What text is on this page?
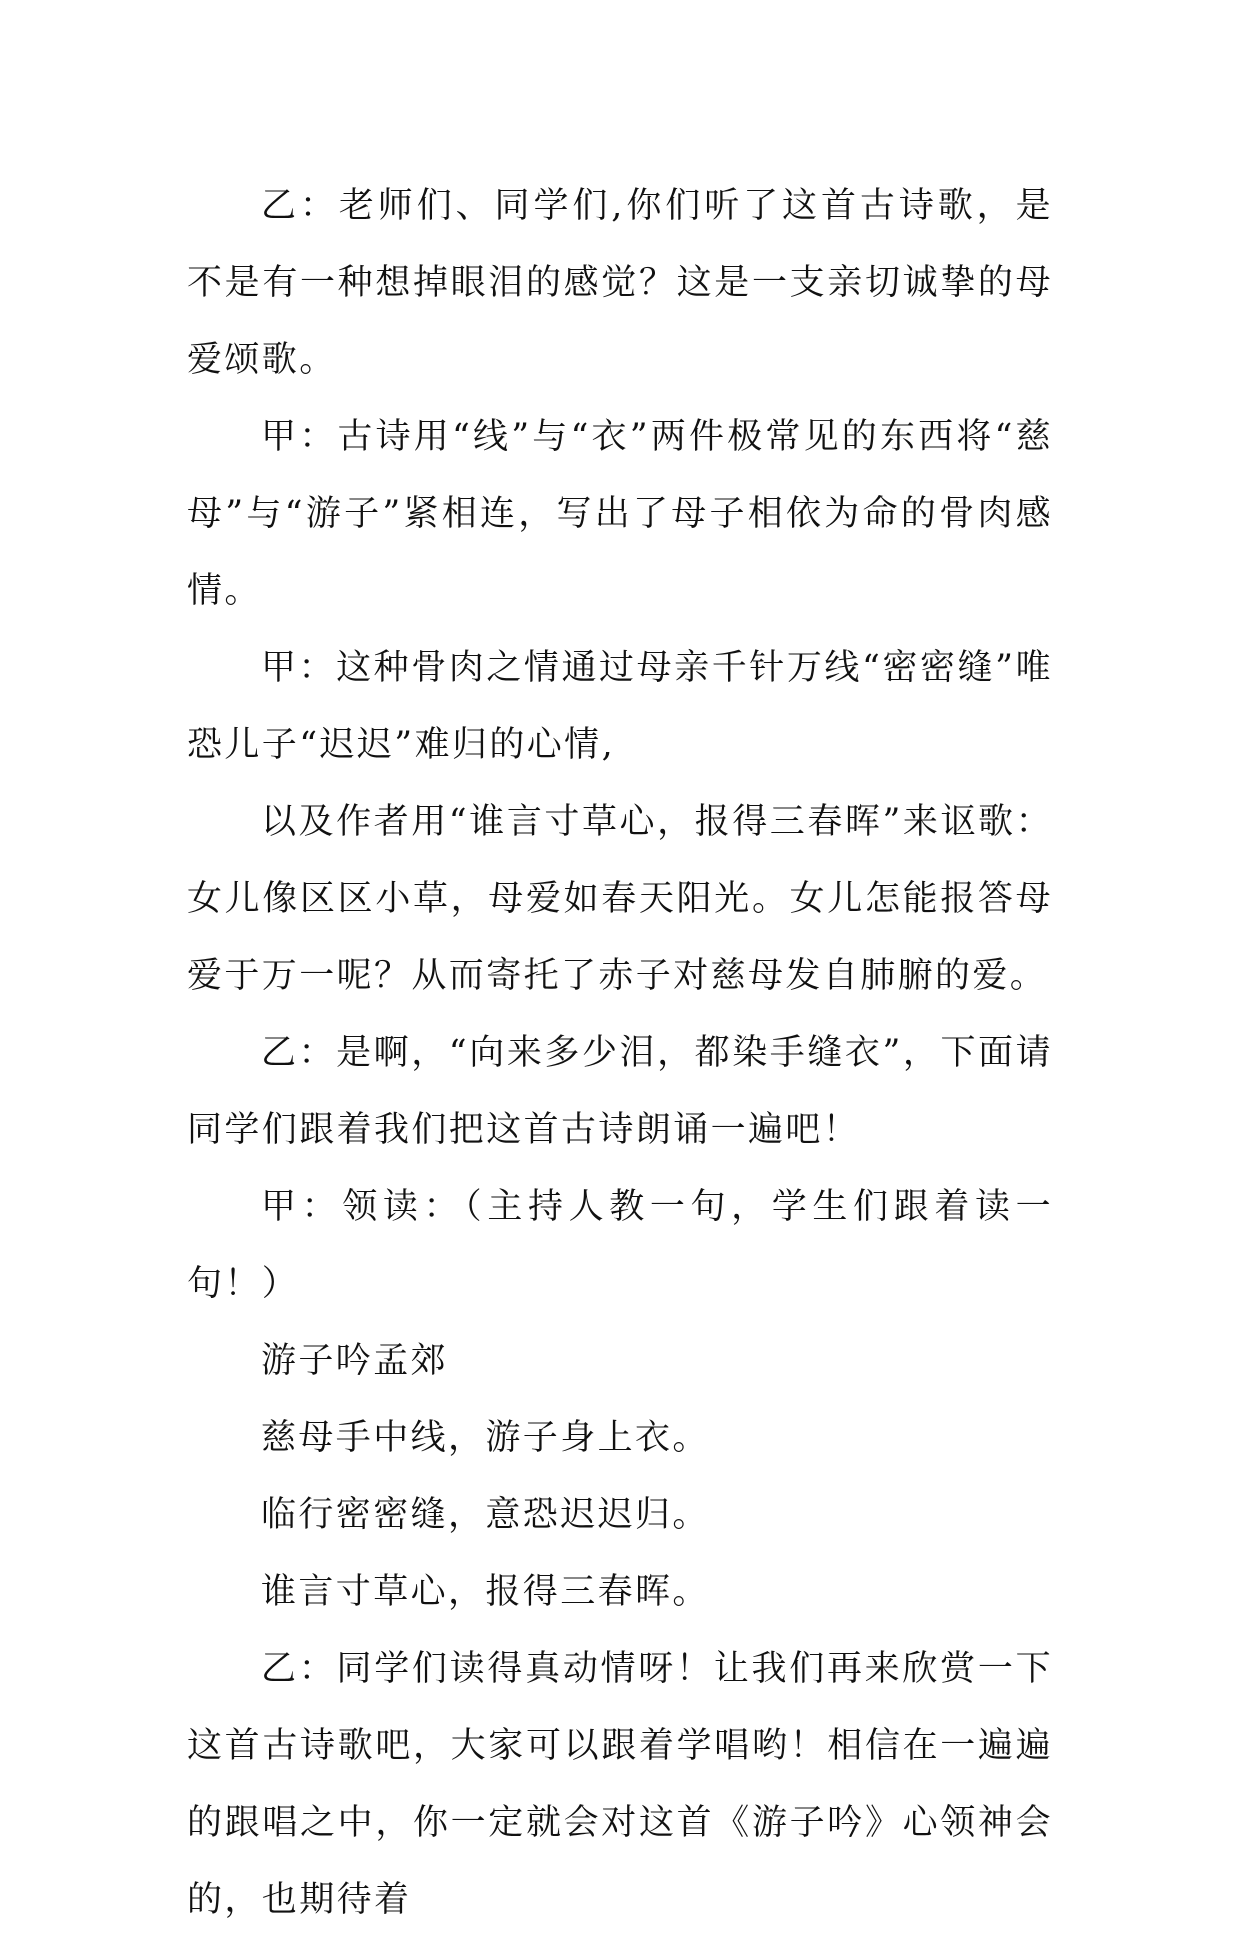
乙：老师们、同学们,你们听了这首古诗歌，是不是有一种想掉眼泪的感觉？这是一支亲切诚挚的母爱颂歌。

甲：古诗用“线”与“衣”两件极常见的东西将“慈母”与“游子”紧相连，写出了母子相依为命的骨肉感情。

甲：这种骨肉之情通过母亲千针万线“密密缝”唯恐儿子“迟迟”难归的心情,

以及作者用“谁言寸草心，报得三春晖”来讴歌：女儿像区区小草，母爱如春天阳光。女儿怎能报答母爱于万一呢？从而寄托了赤子对慈母发自肺腑的爱。

乙：是啊，“向来多少泪，都染手缝衣”，下面请同学们跟着我们把这首古诗朗诵一遍吧！

甲：领读：（主持人教一句，学生们跟着读一句！）

游子吟孟郊

慈母手中线，游子身上衣。

临行密密缝，意恐迟迟归。

谁言寸草心，报得三春晖。

乙：同学们读得真动情呀！让我们再来欣赏一下这首古诗歌吧，大家可以跟着学唱哟！相信在一遍遍的跟唱之中，你一定就会对这首《游子吟》心领神会的，也期待着
